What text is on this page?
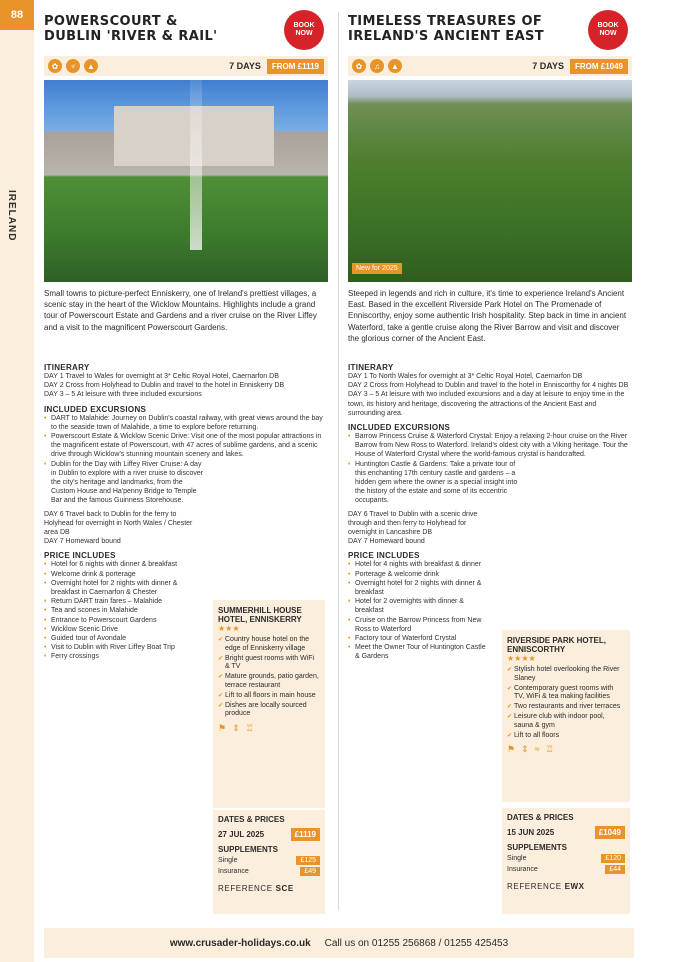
88
IRELAND
POWERSCOURT &
DUBLIN 'RIVER & RAIL'
BOOK
NOW
✿	♆	▲	7 DAYS	FROM £1119
Small towns to picture-perfect Enniskerry, one of Ireland's prettiest villages, a scenic stay in the heart of the Wicklow Mountains. Highlights include a grand tour of Powerscourt Estate and Gardens and a river cruise on the River Liffey and a visit to the magnificent Powerscourt Gardens.
ITINERARY
DAY 1 Travel to Wales for overnight at 3* Celtic Royal Hotel, Caernarfon DB
DAY 2 Cross from Holyhead to Dublin and travel to the hotel in Enniskerry DB
DAY 3 – 5 At leisure with three included excursions
INCLUDED EXCURSIONS
• DART to Malahide: Journey on Dublin's coastal railway, with great views around the bay to the seaside town of Malahide, a time to explore before returning.
• Powerscourt Estate & Wicklow Scenic Drive: Visit one of the most popular attractions in the magnificent estate of Powerscourt, with 47 acres of sublime gardens, and a scenic drive through Wicklow's stunning mountain scenery and lakes.
• Dublin for the Day with Liffey River Cruise: A day in Dublin to explore with a river cruise to discover the city's heritage and landmarks, from the Custom House and Ha'penny Bridge to Temple Bar and the famous Guinness Storehouse.
DAY 6 Travel back to Dublin for the ferry to Holyhead for overnight in North Wales / Chester area DB
DAY 7 Homeward bound
PRICE INCLUDES
• Hotel for 6 nights with dinner & breakfast
• Welcome drink & porterage
• Overnight hotel for 2 nights with dinner & breakfast in Caernarfon & Chester
• Return DART train fares – Malahide
• Tea and scones in Malahide
• Entrance to Powerscourt Gardens
• Wicklow Scenic Drive
• Guided tour of Avondale
• Visit to Dublin with River Liffey Boat Trip
• Ferry crossings
SUMMERHILL HOUSE HOTEL, ENNISKERRY
★★★
✔ Country house hotel on the edge of Enniskerry village
✔ Bright guest rooms with WiFi & TV
✔ Mature grounds, patio garden, terrace restaurant
✔ Lift to all floors in main house
✔ Dishes are locally sourced produce
⚑ ⇕ ♖
DATES & PRICES
27 JUL 2025	£1119
SUPPLEMENTS
Single	£125
Insurance	£49
REFERENCE SCE
TIMELESS TREASURES OF
IRELAND'S ANCIENT EAST
BOOK
NOW
✿	♫	▲	7 DAYS	FROM £1049
New for 2025
Steeped in legends and rich in culture, it's time to experience Ireland's Ancient East. Based in the excellent Riverside Park Hotel on The Promenade of Enniscorthy, enjoy some authentic Irish hospitality. Step back in time in ancient Waterford, take a gentle cruise along the River Barrow and visit and discover the glorious corner of the Ancient East.
ITINERARY
DAY 1 To North Wales for overnight at 3* Celtic Royal Hotel, Caernarfon DB
DAY 2 Cross from Holyhead to Dublin and travel to the hotel in Enniscorthy for 4 nights DB
DAY 3 – 5 At leisure with two included excursions and a day at leisure to enjoy time in the town, its history and heritage, discovering the attractions of the Ancient East and surrounding area.
INCLUDED EXCURSIONS
• Barrow Princess Cruise & Waterford Crystal: Enjoy a relaxing 2-hour cruise on the River Barrow from New Ross to Waterford. Ireland's oldest city with a Viking heritage. Tour the House of Waterford Crystal where the world-famous crystal is handcrafted.
• Huntington Castle & Gardens: Take a private tour of this enchanting 17th century castle and gardens – a hidden gem where the owner is a special insight into the history of the estate and some of its eccentric occupants.
DAY 6 Travel to Dublin with a scenic drive through and then ferry to Holyhead for overnight in Lancashire DB
DAY 7 Homeward bound
PRICE INCLUDES
• Hotel for 4 nights with breakfast & dinner
• Porterage & welcome drink
• Overnight hotel for 2 nights with dinner & breakfast
• Hotel for 2 overnights with dinner & breakfast
• Cruise on the Barrow Princess from New Ross to Waterford
• Factory tour of Waterford Crystal
• Meet the Owner Tour of Huntington Castle & Gardens
RIVERSIDE PARK HOTEL, ENNISCORTHY
★★★★
✔ Stylish hotel overlooking the River Slaney
✔ Contemporary guest rooms with TV, WiFi & tea making facilities
✔ Two restaurants and river terraces
✔ Leisure club with indoor pool, sauna & gym
✔ Lift to all floors
⚑ ⇕ ≈ ♖
DATES & PRICES
15 JUN 2025	£1049
SUPPLEMENTS
Single	£120
Insurance	£44
REFERENCE EWX
www.crusader-holidays.co.uk Call us on 01255 256868 / 01255 425453
